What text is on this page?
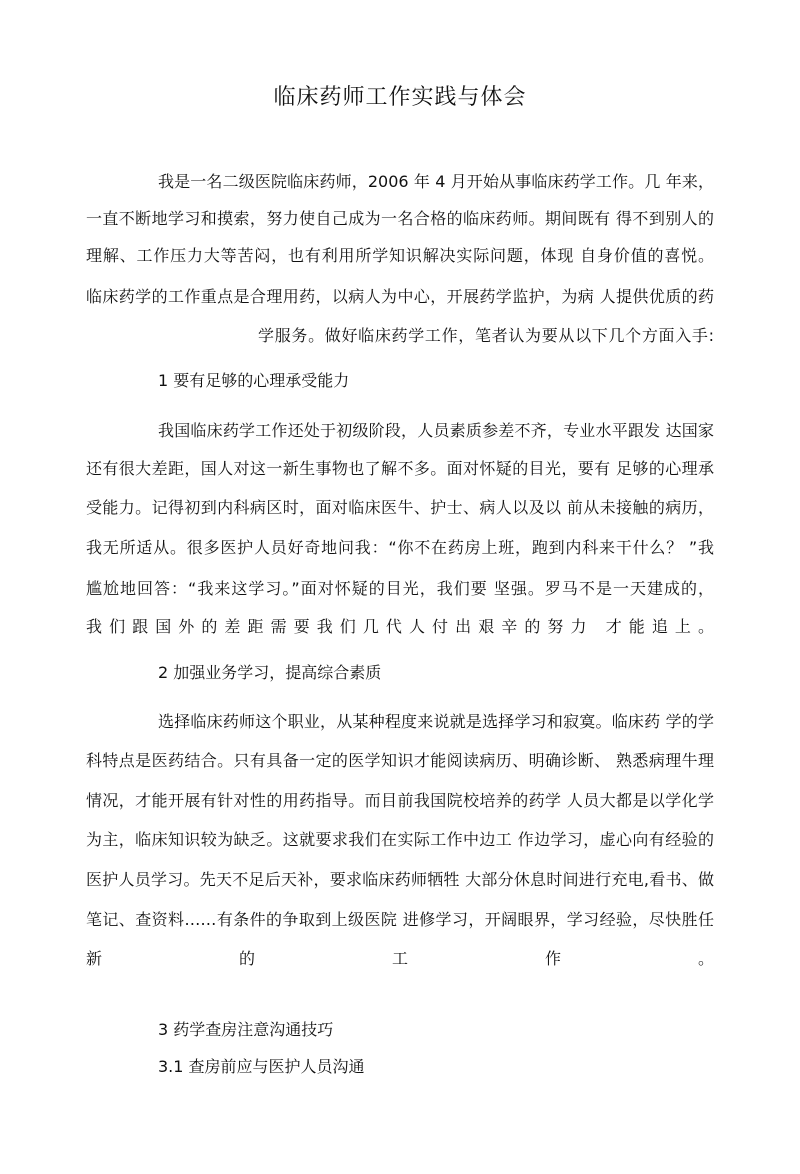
临床药师工作实践与体会
我是一名二级医院临床药师，2006 年 4 月开始从事临床药学工作。几 年来，
一直不断地学习和摸索，努力使自己成为一名合格的临床药师。期间既有 得不到别人的
理解、工作压力大等苦闷，也有利用所学知识解决实际问题，体现 自身价值的喜悦。
临床药学的工作重点是合理用药，以病人为中心，开展药学监护，为病 人提供优质的药
学服务。做好临床药学工作，笔者认为要从以下几个方面入手:
1 要有足够的心理承受能力
我国临床药学工作还处于初级阶段，人员素质参差不齐，专业水平跟发 达国家
还有很大差距，国人对这一新生事物也了解不多。面对怀疑的目光，要有 足够的心理承
受能力。记得初到内科病区时，面对临床医牛、护士、病人以及以 前从未接触的病历，
我无所适从。很多医护人员好奇地问我：“你不在药房上班，跑到内科来干什么？ ”我
尴尬地回答：“我来这学习。”面对怀疑的目光，我们要 坚强。罗马不是一天建成的，
我们跟国外的差距需要我们几代人付出艰辛的努力 才能追上。
2 加强业务学习，提高综合素质
选择临床药师这个职业，从某种程度来说就是选择学习和寂寞。临床药 学的学
科特点是医药结合。只有具备一定的医学知识才能阅读病历、明确诊断、 熟悉病理牛理
情况，才能开展有针对性的用药指导。而目前我国院校培养的药学 人员大都是以学化学
为主，临床知识较为缺乏。这就要求我们在实际工作中边工 作边学习，虚心向有经验的
医护人员学习。先天不足后天补，要求临床药师牺牲 大部分休息时间进行充电,看书、做
笔记、查资料……有条件的争取到上级医院 进修学习，开阔眼界，学习经验，尽快胜任
新的工作。
3 药学查房注意沟通技巧
3.1 查房前应与医护人员沟通
